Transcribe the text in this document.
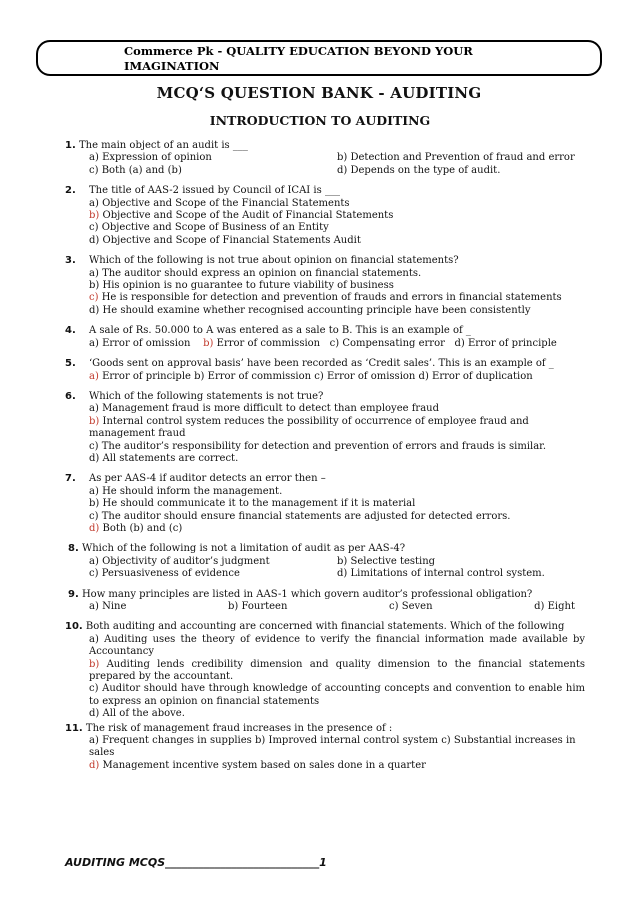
Commerce Pk - QUALITY EDUCATION BEYOND YOUR IMAGINATION
MCQ‘S QUESTION BANK - AUDITING
INTRODUCTION TO AUDITING
1. The main object of an audit is ___
a) Expression of opinion	b) Detection and Prevention of fraud and error
c) Both (a) and (b)	d) Depends on the type of audit.
2. The title of AAS-2 issued by Council of ICAI is ___
a) Objective and Scope of the Financial Statements
b) Objective and Scope of the Audit of Financial Statements
c) Objective and Scope of Business of an Entity
d) Objective and Scope of Financial Statements Audit
3. Which of the following is not true about opinion on financial statements?
a) The auditor should express an opinion on financial statements.
b) His opinion is no guarantee to future viability of business
c) He is responsible for detection and prevention of frauds and errors in financial statements
d) He should examine whether recognised accounting principle have been consistently
4. A sale of Rs. 50.000 to A was entered as a sale to B. This is an example of _
a) Error of omission b) Error of commission c) Compensating error d) Error of principle
5. ‘Goods sent on approval basis’ have been recorded as ‘Credit sales’. This is an example of _
a) Error of principle b) Error of commission c) Error of omission d) Error of duplication
6. Which of the following statements is not true?
a) Management fraud is more difficult to detect than employee fraud
b) Internal control system reduces the possibility of occurrence of employee fraud and management fraud
c) The auditor’s responsibility for detection and prevention of errors and frauds is similar.
d) All statements are correct.
7. As per AAS-4 if auditor detects an error then –
a) He should inform the management.
b) He should communicate it to the management if it is material
c) The auditor should ensure financial statements are adjusted for detected errors.
d) Both (b) and (c)
8. Which of the following is not a limitation of audit as per AAS-4?
a) Objectivity of auditor’s judgment	b) Selective testing
c) Persuasiveness of evidence	d) Limitations of internal control system.
9. How many principles are listed in AAS-1 which govern auditor’s professional obligation?
a) Nine	b) Fourteen	c) Seven	d) Eight
10. Both auditing and accounting are concerned with financial statements. Which of the following
a) Auditing uses the theory of evidence to verify the financial information made available by Accountancy
b) Auditing lends credibility dimension and quality dimension to the financial statements prepared by the accountant.
c) Auditor should have through knowledge of accounting concepts and convention to enable him to express an opinion on financial statements
d) All of the above.
11. The risk of management fraud increases in the presence of :
a) Frequent changes in supplies b) Improved internal control system c) Substantial increases in sales
d) Management incentive system based on sales done in a quarter
AUDITING MCQS____________________________1
